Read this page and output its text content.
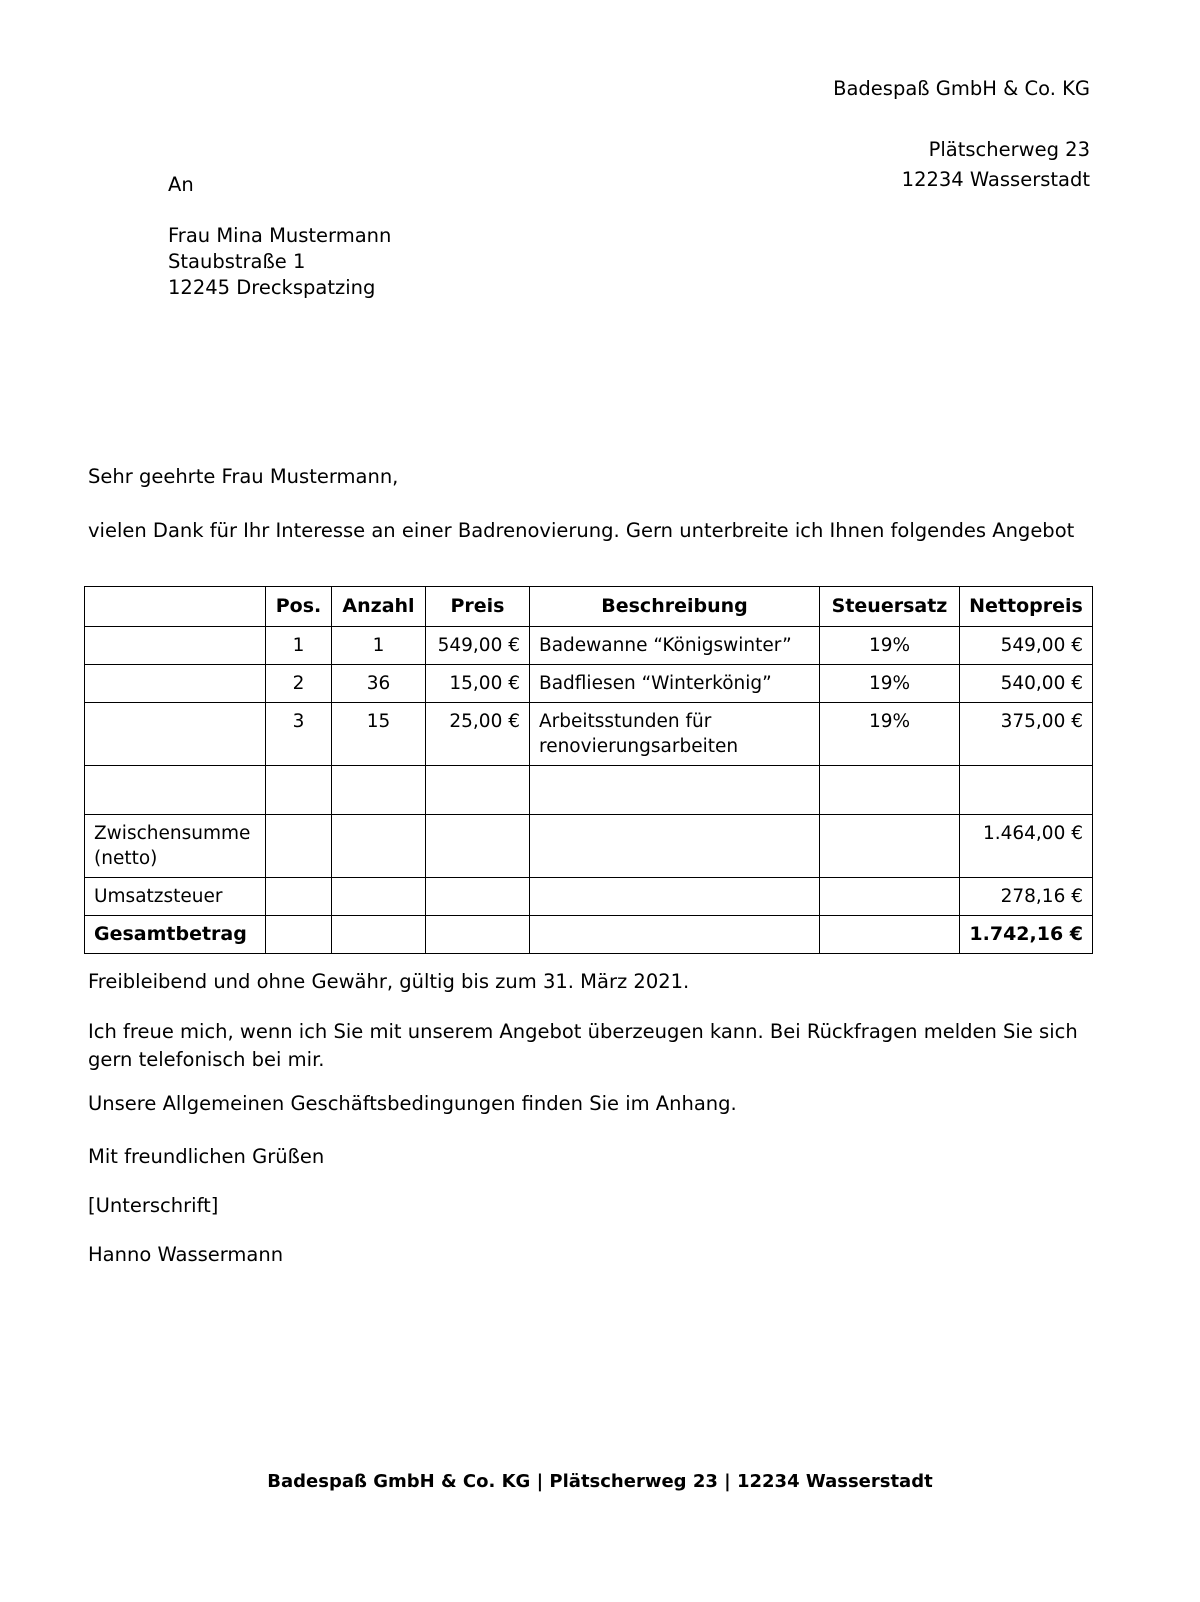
Badespaß GmbH & Co. KG
Plätscherweg 23
12234 Wasserstadt
An
Frau Mina Mustermann
Staubstraße 1
12245 Dreckspatzing
Sehr geehrte Frau Mustermann,
vielen Dank für Ihr Interesse an einer Badrenovierung. Gern unterbreite ich Ihnen folgendes Angebot
	Pos.	Anzahl	Preis	Beschreibung	Steuersatz	Nettopreis
	1	1	549,00 €	Badewanne “Königswinter”	19%	549,00 €
	2	36	15,00 €	Badfliesen “Winterkönig”	19%	540,00 €
	3	15	25,00 €	Arbeitsstunden für renovierungsarbeiten	19%	375,00 €

Zwischensumme (netto)						1.464,00 €
Umsatzsteuer						278,16 €
Gesamtbetrag						1.742,16 €
Freibleibend und ohne Gewähr, gültig bis zum 31. März 2021.
Ich freue mich, wenn ich Sie mit unserem Angebot überzeugen kann. Bei Rückfragen melden Sie sich gern telefonisch bei mir.
Unsere Allgemeinen Geschäftsbedingungen finden Sie im Anhang.
Mit freundlichen Grüßen
[Unterschrift]
Hanno Wassermann
Badespaß GmbH & Co. KG | Plätscherweg 23 | 12234 Wasserstadt
